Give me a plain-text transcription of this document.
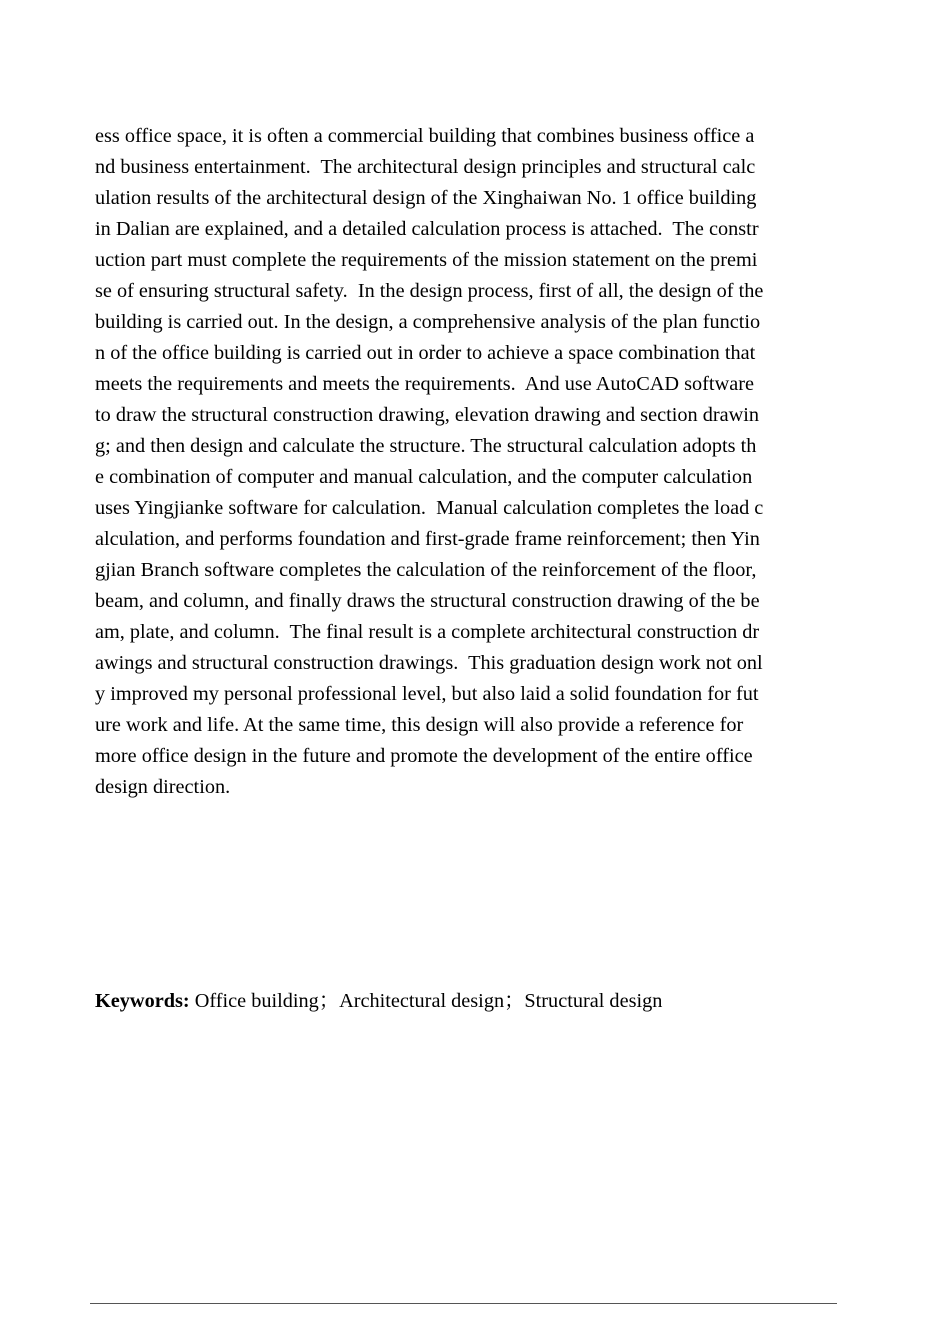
ess office space, it is often a commercial building that combines business office a
nd business entertainment.  The architectural design principles and structural calc
ulation results of the architectural design of the Xinghaiwan No. 1 office building
in Dalian are explained, and a detailed calculation process is attached.  The constr
uction part must complete the requirements of the mission statement on the premi
se of ensuring structural safety.  In the design process, first of all, the design of the
building is carried out. In the design, a comprehensive analysis of the plan functio
n of the office building is carried out in order to achieve a space combination that
meets the requirements and meets the requirements.  And use AutoCAD software
to draw the structural construction drawing, elevation drawing and section drawin
g; and then design and calculate the structure. The structural calculation adopts th
e combination of computer and manual calculation, and the computer calculation
uses Yingjianke software for calculation.  Manual calculation completes the load c
alculation, and performs foundation and first-grade frame reinforcement; then Yin
gjian Branch software completes the calculation of the reinforcement of the floor,
beam, and column, and finally draws the structural construction drawing of the be
am, plate, and column.  The final result is a complete architectural construction dr
awings and structural construction drawings.  This graduation design work not onl
y improved my personal professional level, but also laid a solid foundation for fut
ure work and life. At the same time, this design will also provide a reference for
more office design in the future and promote the development of the entire office
design direction.
Keywords: Office building；Architectural design；Structural design
